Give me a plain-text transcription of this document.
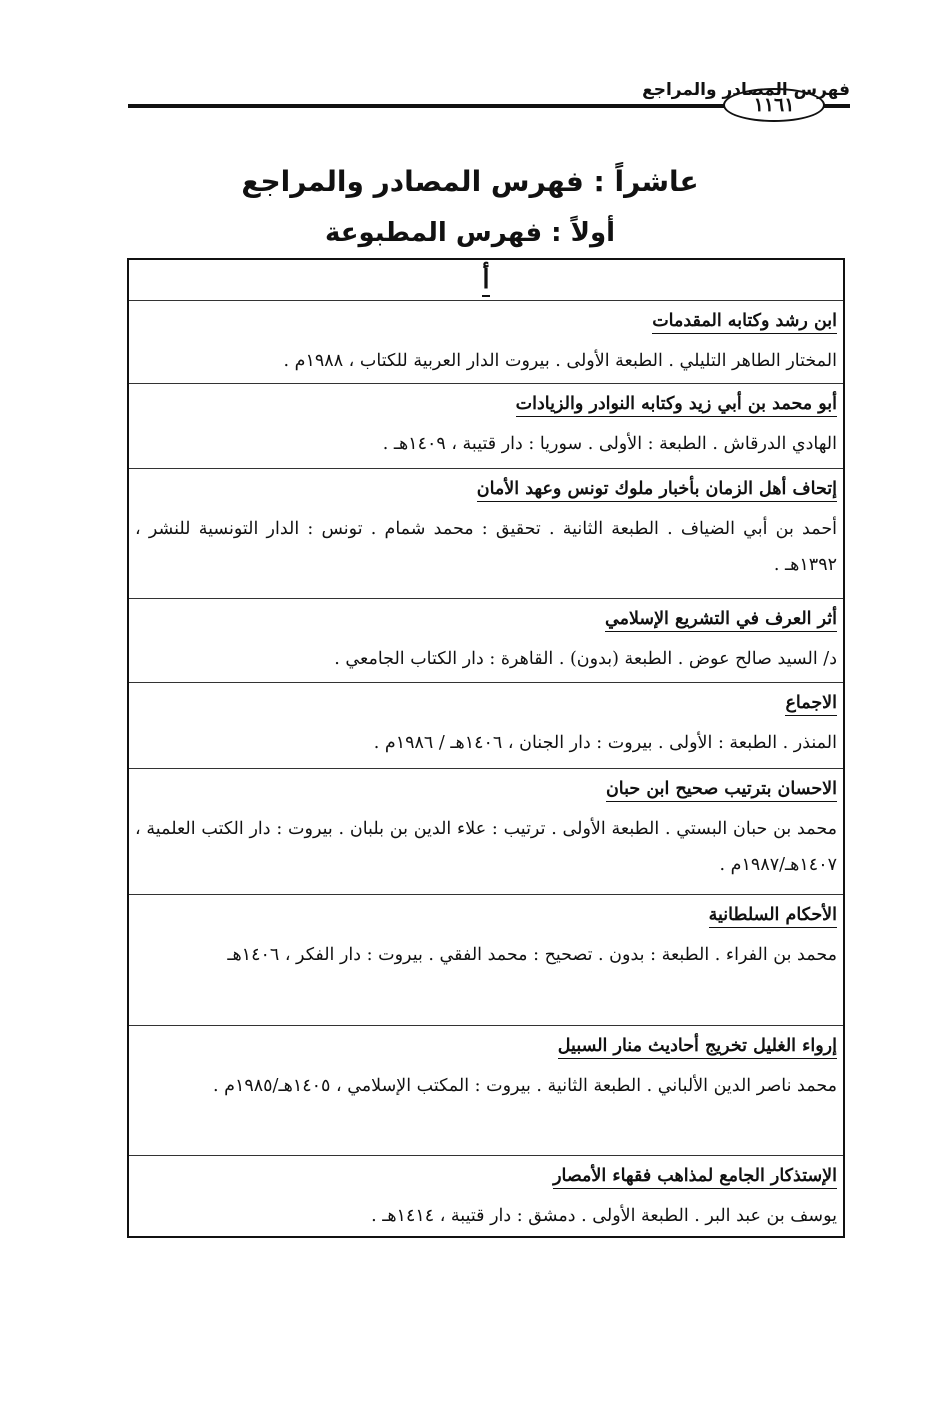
١١٦١
فهرس المصادر والمراجع
عاشراً : فهرس المصادر والمراجع
أولاً : فهرس المطبوعة
أ
ابن رشد وكتابه المقدمات
المختار الطاهر التليلي . الطبعة الأولى . بيروت الدار العربية للكتاب ، ١٩٨٨م .
أبو محمد بن أبي زيد وكتابه النوادر والزيادات
الهادي الدرقاش . الطبعة : الأولى . سوريا : دار قتيبة ، ١٤٠٩هـ .
إتحاف أهل الزمان بأخبار ملوك تونس وعهد الأمان
أحمد بن أبي الضياف . الطبعة الثانية . تحقيق : محمد شمام . تونس : الدار التونسية للنشر ، ١٣٩٢هـ .
أثر العرف في التشريع الإسلامي
د/ السيد صالح عوض . الطبعة (بدون) . القاهرة : دار الكتاب الجامعي .
الاجماع
المنذر . الطبعة : الأولى . بيروت : دار الجنان ، ١٤٠٦هـ / ١٩٨٦م .
الاحسان بترتيب صحيح ابن حبان
محمد بن حبان البستي . الطبعة الأولى . ترتيب : علاء الدين بن بلبان . بيروت : دار الكتب العلمية ، ١٤٠٧هـ/١٩٨٧م .
الأحكام السلطانية
محمد بن الفراء . الطبعة : بدون . تصحيح : محمد الفقي . بيروت : دار الفكر ، ١٤٠٦هـ
إرواء الغليل تخريج أحاديث منار السبيل
محمد ناصر الدين الألباني . الطبعة الثانية . بيروت : المكتب الإسلامي ، ١٤٠٥هـ/١٩٨٥م .
الإستذكار الجامع لمذاهب فقهاء الأمصار
يوسف بن عبد البر . الطبعة الأولى . دمشق : دار قتيبة ، ١٤١٤هـ .
